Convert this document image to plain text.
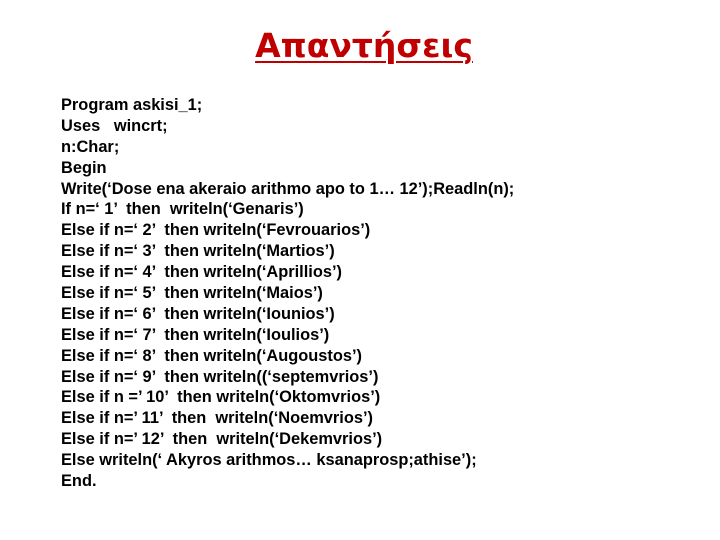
Απαντήσεις
Program askisi_1;
Uses   wincrt;
n:Char;
Begin
Write(‘Dose ena akeraio arithmo apo to 1… 12’);Readln(n);
If n=‘ 1’  then  writeln(‘Genaris’)
Else if n=‘ 2’  then writeln(‘Fevrouarios’)
Else if n=‘ 3’  then writeln(‘Martios’)
Else if n=‘ 4’  then writeln(‘Aprillios’)
Else if n=‘ 5’  then writeln(‘Maios’)
Else if n=‘ 6’  then writeln(‘Iounios’)
Else if n=‘ 7’  then writeln(‘Ioulios’)
Else if n=‘ 8’  then writeln(‘Augoustos’)
Else if n=‘ 9’  then writeln((‘septemvrios’)
Else if n =’ 10’  then writeln(‘Oktomvrios’)
Else if n=’ 11’  then  writeln(‘Noemvrios’)
Else if n=’ 12’  then  writeln(‘Dekemvrios’)
Else writeln(‘ Akyros arithmos… ksanaprosp;athise’);
End.
